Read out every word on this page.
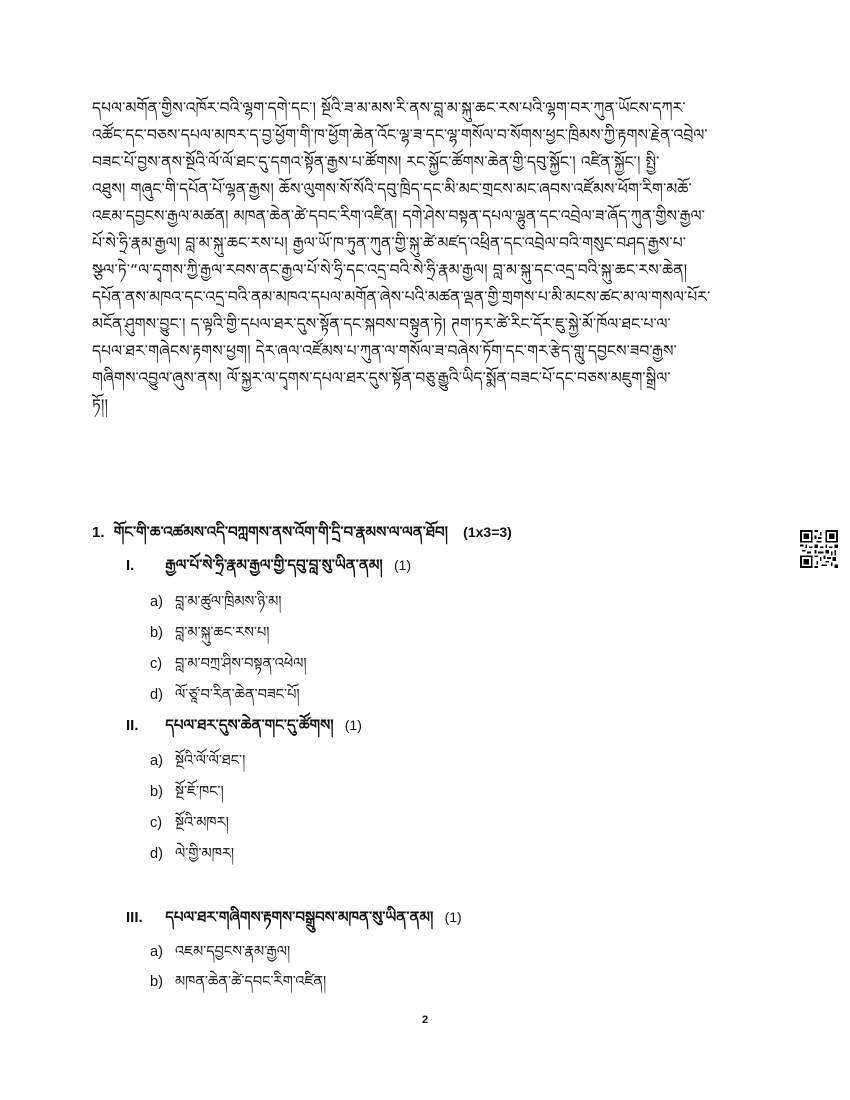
དཔལ་མགོན་གྱིས་འཁོར་བའི་ལྷག་དགེ་དང་། སྔོའི་ཟ་མ་མས་རི་ནས་བླ་མ་སྐུ་ཆང་རས་པའི་ལྷག་བར་ཀུན་ཡོངས་དཀར་
འཚོང་དང་བཅས་དཔལ་མཁར་ད་བྱ་ཕྱོག་གི་ཁ་ཕྱོག་ཆེན་འོང་ལྷ་ཟ་དང་ལྷ་གསོལ་བ་སོགས་ཕྱང་ཁྲིམས་ཀྱི་རྟགས་རྗེན་འབྲེལ་
བཟང་པོ་བྱས་ནས་སྔོའི་ལོ་ལོ་ཐང་དུ་དགའ་སྟོན་རྒྱས་པ་ཚོགས། རང་སྐྱོང་ཚོགས་ཆེན་གྱི་དབུ་སྐྱོང་། འཛིན་སྐྱོང་། སྤྱི་
འཐུས། གཞུང་གི་དཔོན་པོ་ལྷན་རྒྱས། ཆོས་ལུགས་སོ་སོའི་དབུ་ཁྲིད་དང་མི་མང་གྲངས་མང་ཞབས་འཛོམས་ཕོག་རིག་མཆོ་
འཇམ་དབྱངས་རྒྱལ་མཚན། མཁན་ཆེན་ཚེ་དབང་རིག་འཛིན། དགེ་ཤེས་བསྟན་དཔལ་ལྷུན་དང་འབྲེལ་ཟ་ཞོད་ཀུན་གྱིས་རྒྱལ་
པོ་སེ་ཧྲི་རྣམ་རྒྱལ། བླ་མ་སྐུ་ཆང་རས་པ། རྒྱལ་ཡོ་ཁ་ཏུན་ཀུན་གྱི་སྐུ་ཚེ་མཛད་འཕྲིན་དང་འབྲེལ་བའི་གསུང་བཤད་རྒྱས་པ་
སྩལ་ཏེ་“ལ་དྭགས་ཀྱི་རྒྱལ་རབས་ནང་རྒྱལ་པོ་སེ་ཧྲི་དང་འདྲ་བའི་སེ་ཧྲི་རྣམ་རྒྱལ། བླ་མ་སྐུ་དང་འདྲ་བའི་སྐུ་ཆང་རས་ཆེན།
དཔོན་ནས་མཁའ་དང་འདྲ་བའི་ནམ་མཁའ་དཔལ་མགོན་ཞེས་པའི་མཚན་ལྡན་གྱི་གྲགས་པ་མི་མངས་ཚང་མ་ལ་གསལ་པོར་
མངོན་ཤུགས་བྱུང་། ད་ལྟའི་གྱི་དཔལ་ཐར་དུས་སྟོན་དང་སྐབས་བསྟུན་ཏེ། ཊག་ཏར་ཚེ་རིང་དོར་ཇུ་སྐྱེ་མོ་ཁོལ་ཐང་པ་ལ་
དཔལ་ཐར་གཞེངས་རྟགས་ཕྱག། དེར་ཞལ་འཛོམས་པ་ཀུན་ལ་གསོལ་ཟ་བཞེས་ཏོག་དང་གར་རྩེད་གླུ་དབྱངས་ཟབ་རྒྱས་
གཞིགས་འབྱུལ་ཞུས་ནས། ལོ་སྐྱར་ལ་དྭགས་དཔལ་ཐར་དུས་སྟོན་བཅུ་རྒྱུའི་ཡིད་སྨོན་བཟང་པོ་དང་བཅས་མཇུག་སྒྲིལ་
ཏོ།།
1. གོང་གི་ཆ་འཚམས་འདི་བཀླགས་ནས་འོག་གི་དྲི་བ་རྣམས་ལ་ལན་ཐོབ། (1x3=3)
I. རྒྱལ་པོ་སེ་ཧྲི་རྣམ་རྒྱལ་གྱི་དབུ་བླ་སུ་ཡིན་ནམ། (1)
a) བླ་མ་ཚུལ་ཁྲིམས་ཉི་མ།
b) བླ་མ་སྐུ་ཆང་རས་པ།
c) བླ་མ་བཀྲ་ཤིས་བསྟན་འཕེལ།
d) ལོ་ཙཱ་བ་རིན་ཆེན་བཟང་པོ།
II. དཔལ་ཐར་དུས་ཆེན་གང་དུ་ཚོགས། (1)
a) སྔོའི་ལོ་ལོ་ཐང་།
b) སྔོ་ཇོ་ཁང་།
c) སྔོའི་མཁར།
d) ལེ་གྱི་མཁར།
III. དཔལ་ཐར་གཞིགས་རྟགས་བསྒྲུབས་མཁན་སུ་ཡིན་ནམ། (1)
a) འཇམ་དབྱངས་རྣམ་རྒྱལ།
b) མཁན་ཆེན་ཚེ་དབང་རིག་འཛིན།
2
